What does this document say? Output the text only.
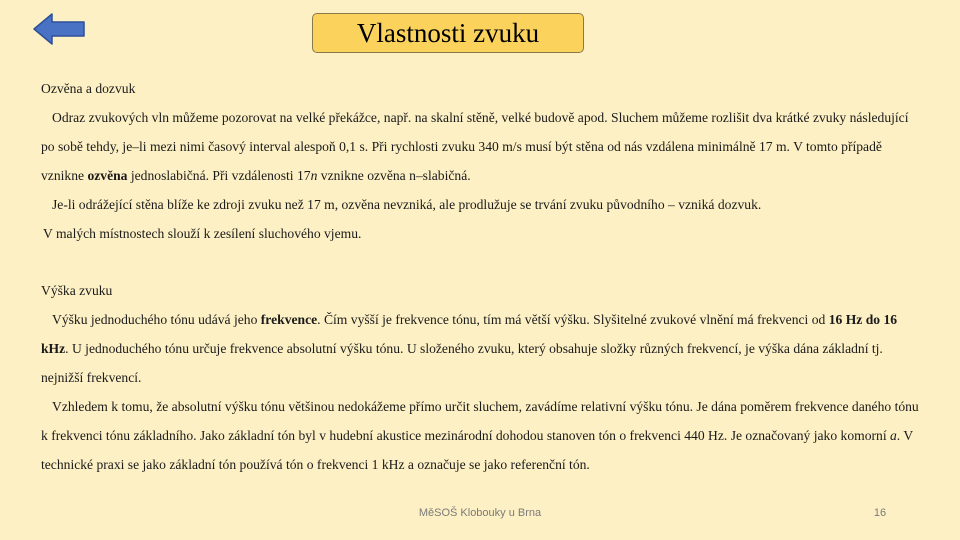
Vlastnosti zvuku
Ozvěna a dozvuk
Odraz zvukových vln můžeme pozorovat na velké překážce, např. na skalní stěně, velké budově apod. Sluchem můžeme rozlišit dva krátké zvuky následující po sobě tehdy, je–li mezi nimi časový interval alespoň 0,1 s. Při rychlosti zvuku 340 m/s musí být stěna od nás vzdálena minimálně 17 m. V tomto případě vznikne ozvěna jednoslabičná. Při vzdálenosti 17n vznikne ozvěna n–slabičná.
Je-li odrážející stěna blíže ke zdroji zvuku než 17 m, ozvěna nevzniká, ale prodlužuje se trvání zvuku původního – vzniká dozvuk.
V malých místnostech slouží k zesílení sluchového vjemu.
Výška zvuku
Výšku jednoduchého tónu udává jeho frekvence. Čím vyšší je frekvence tónu, tím má větší výšku. Slyšitelné zvukové vlnění má frekvenci od 16 Hz do 16 kHz. U jednoduchého tónu určuje frekvence absolutní výšku tónu. U složeného zvuku, který obsahuje složky různých frekvencí, je výška dána základní tj. nejnižší frekvencí.
Vzhledem k tomu, že absolutní výšku tónu většinou nedokážeme přímo určit sluchem, zavádíme relativní výšku tónu. Je dána poměrem frekvence daného tónu k frekvenci tónu základního. Jako základní tón byl v hudební akustice mezinárodní dohodou stanoven tón o frekvenci 440 Hz. Je označovaný jako komorní a. V technické praxi se jako základní tón používá tón o frekvenci 1 kHz a označuje se jako referenční tón.
MěSOŠ Klobouky u Brna	16
